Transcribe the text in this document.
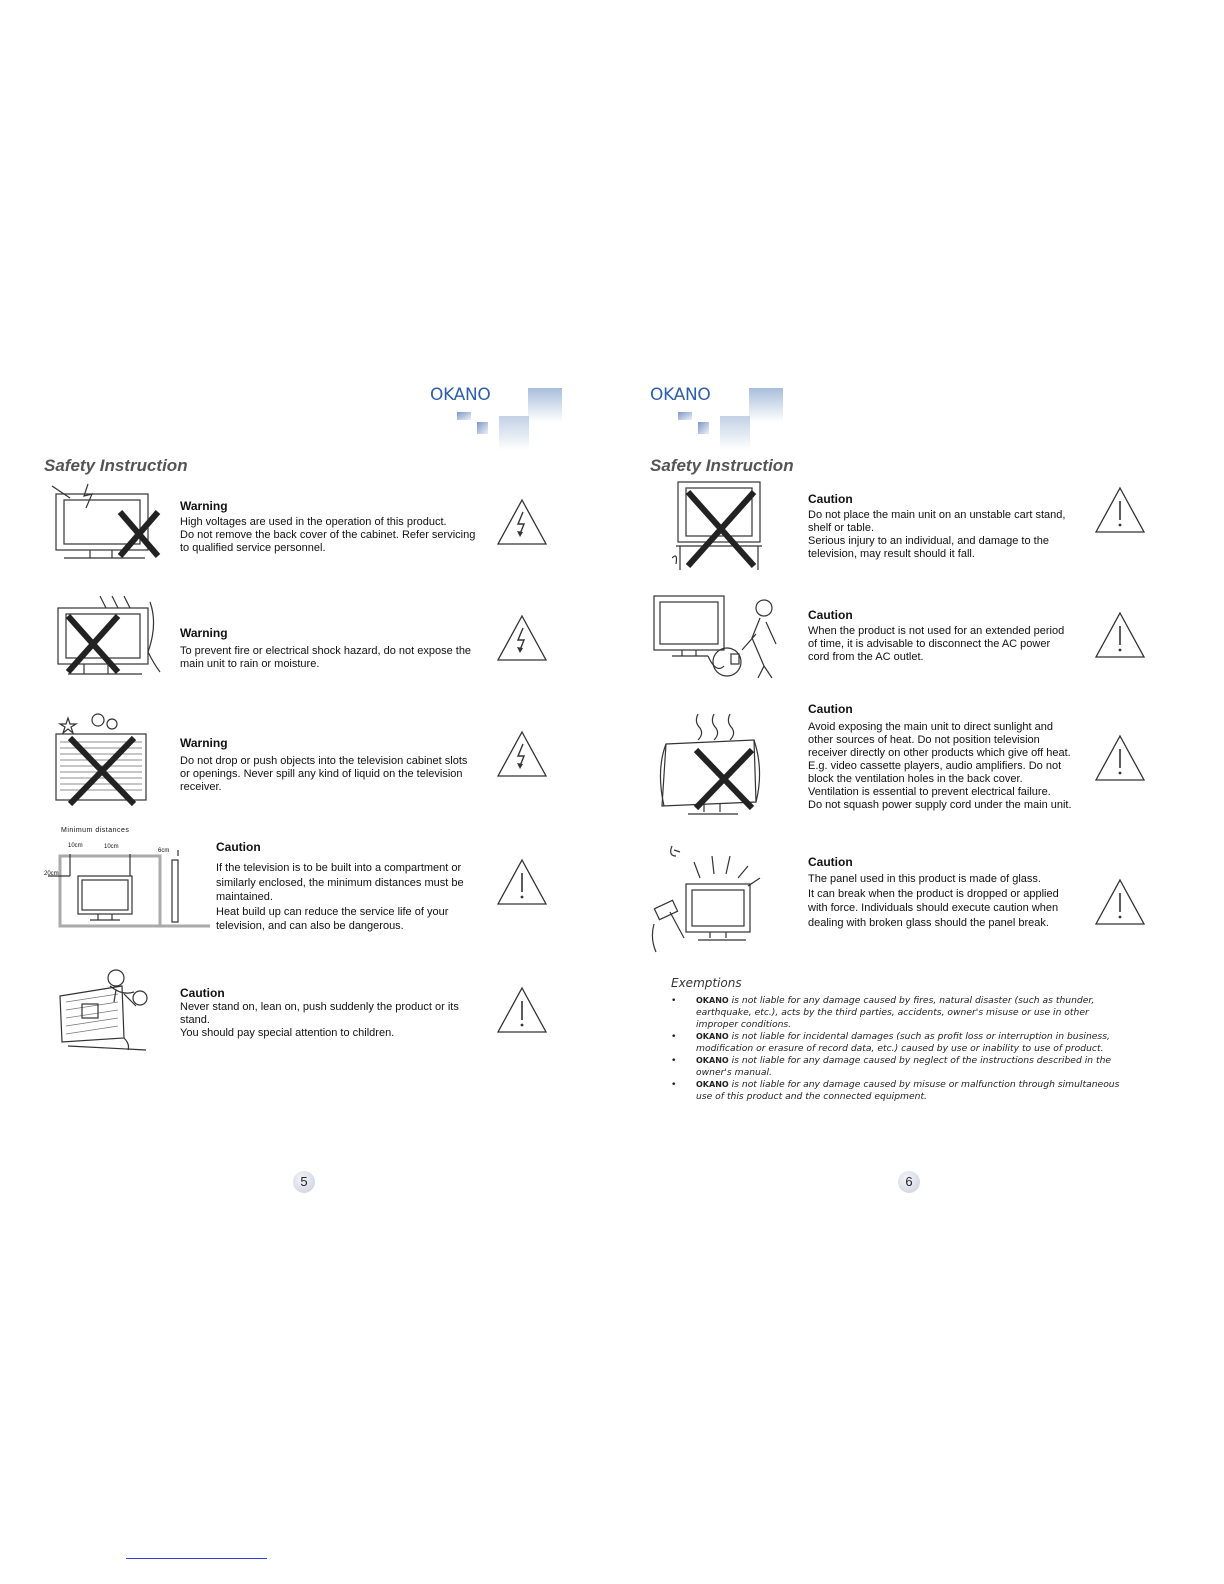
OKANO
Safety Instruction
Warning
High voltages are used in the operation of this product.
Do not remove the back cover of the cabinet. Refer servicing
to qualified service personnel.
Warning
To prevent fire or electrical shock hazard, do not expose the
main unit to rain or moisture.
Warning
Do not drop or push objects into the television cabinet slots
or openings. Never spill any kind of liquid on the television
receiver.
Minimum distances
10cm	10cm
6cm
20cm
Caution
If the television is to be built into a compartment or
similarly enclosed, the minimum distances must be
maintained.
Heat build up can reduce the service life of your
television, and can also be dangerous.
Caution
Never stand on, lean on, push suddenly the product or its
stand.
You should pay special attention to children.
5
OKANO
Safety Instruction
Caution
Do not place the main unit on an unstable cart stand,
shelf or table.
Serious injury to an individual, and damage to the
television, may result should it fall.
Caution
When the product is not used for an extended period
of time, it is advisable to disconnect the AC power
cord from the AC outlet.
Caution
Avoid exposing the main unit to direct sunlight and
other sources of heat. Do not position television
receiver directly on other products which give off heat.
E.g. video cassette players, audio amplifiers. Do not
block the ventilation holes in the back cover.
Ventilation is essential to prevent electrical failure.
Do not squash power supply cord under the main unit.
Caution
The panel used in this product is made of glass.
It can break when the product is dropped or applied
with force. Individuals should execute caution when
dealing with broken glass should the panel break.
Exemptions
• OKANO is not liable for any damage caused by fires, natural disaster (such as thunder,
earthquake, etc.), acts by the third parties, accidents, owner's misuse or use in other
improper conditions.
• OKANO is not liable for incidental damages (such as profit loss or interruption in business,
modification or erasure of record data, etc.) caused by use or inability to use of product.
• OKANO is not liable for any damage caused by neglect of the instructions described in the
owner's manual.
• OKANO is not liable for any damage caused by misuse or malfunction through simultaneous
use of this product and the connected equipment.
6
